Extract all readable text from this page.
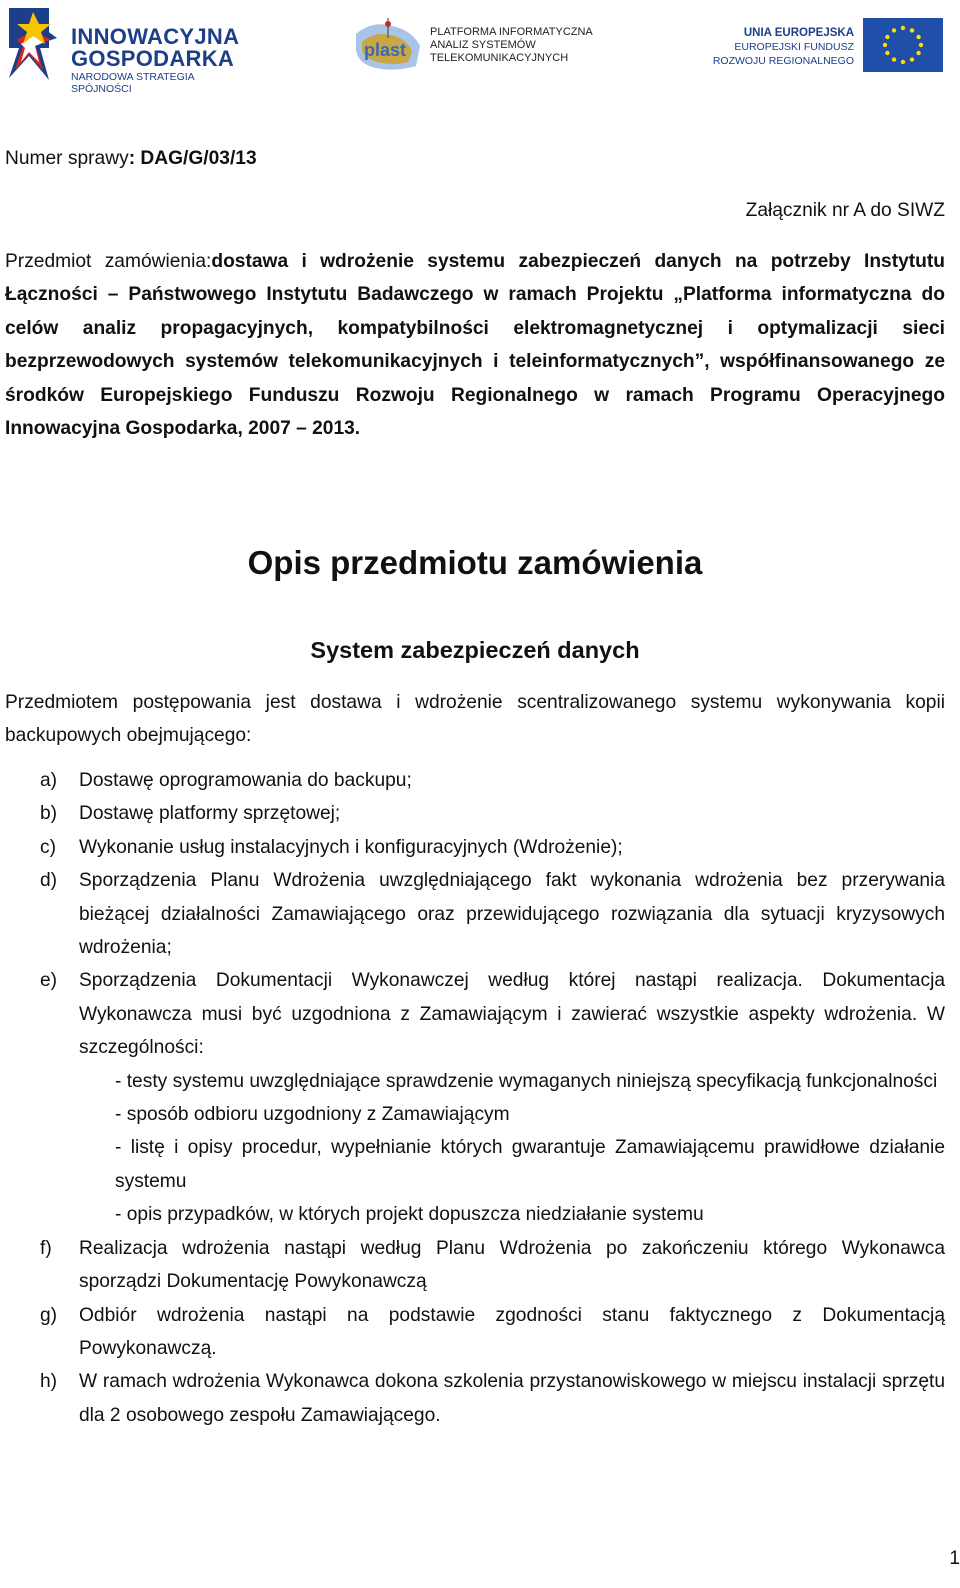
INNOWACYJNA
GOSPODARKA
NARODOWA STRATEGIA SPÓJNOŚCI
plast
PLATFORMA INFORMATYCZNA
ANALIZ SYSTEMÓW
TELEKOMUNIKACYJNYCH
UNIA EUROPEJSKA
EUROPEJSKI FUNDUSZ
ROZWOJU REGIONALNEGO
Numer sprawy: DAG/G/03/13
Załącznik nr A do SIWZ
Przedmiot zamówienia:dostawa i wdrożenie systemu zabezpieczeń danych na potrzeby Instytutu Łączności – Państwowego Instytutu Badawczego w ramach Projektu „Platforma informatyczna do celów analiz propagacyjnych, kompatybilności elektromagnetycznej i optymalizacji sieci bezprzewodowych systemów telekomunikacyjnych i teleinformatycznych”, współfinansowanego ze środków Europejskiego Funduszu Rozwoju Regionalnego w ramach Programu Operacyjnego Innowacyjna Gospodarka, 2007 – 2013.
Opis przedmiotu zamówienia
System zabezpieczeń danych
Przedmiotem postępowania jest dostawa i wdrożenie scentralizowanego systemu wykonywania kopii backupowych obejmującego:
a) Dostawę oprogramowania do backupu;
b) Dostawę platformy sprzętowej;
c) Wykonanie usług instalacyjnych i konfiguracyjnych (Wdrożenie);
d) Sporządzenia Planu Wdrożenia uwzględniającego fakt wykonania wdrożenia bez przerywania bieżącej działalności Zamawiającego oraz przewidującego rozwiązania dla sytuacji kryzysowych wdrożenia;
e) Sporządzenia Dokumentacji Wykonawczej według której nastąpi realizacja. Dokumentacja Wykonawcza musi być uzgodniona z Zamawiającym i zawierać wszystkie aspekty wdrożenia. W szczególności:
- testy systemu uwzględniające sprawdzenie wymaganych niniejszą specyfikacją funkcjonalności
- sposób odbioru uzgodniony z Zamawiającym
- listę i opisy procedur, wypełnianie których gwarantuje Zamawiającemu prawidłowe działanie systemu
- opis przypadków, w których projekt dopuszcza niedziałanie systemu
f) Realizacja wdrożenia nastąpi według Planu Wdrożenia po zakończeniu którego Wykonawca sporządzi Dokumentację Powykonawczą
g) Odbiór wdrożenia nastąpi na podstawie zgodności stanu faktycznego z Dokumentacją Powykonawczą.
h) W ramach wdrożenia Wykonawca dokona szkolenia przystanowiskowego w miejscu instalacji sprzętu dla 2 osobowego zespołu Zamawiającego.
1
